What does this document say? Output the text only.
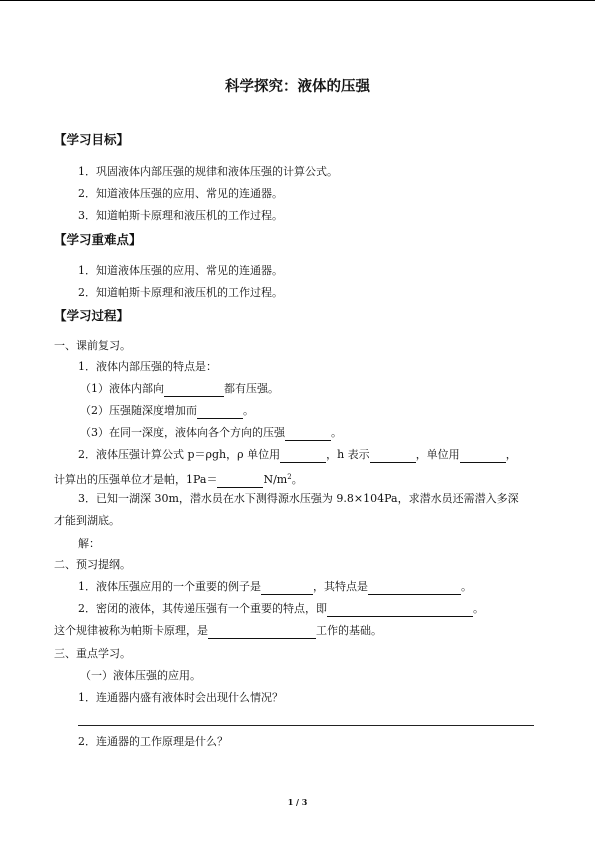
科学探究：液体的压强
【学习目标】
1．巩固液体内部压强的规律和液体压强的计算公式。
2．知道液体压强的应用、常见的连通器。
3．知道帕斯卡原理和液压机的工作过程。
【学习重难点】
1．知道液体压强的应用、常见的连通器。
2．知道帕斯卡原理和液压机的工作过程。
【学习过程】
一、课前复习。
1．液体内部压强的特点是：
（1）液体内部向	都有压强。
（2）压强随深度增加而	。
（3）在同一深度，液体向各个方向的压强	。
2．液体压强计算公式 p＝ρgh，ρ 单位用	，h 表示	，单位用	，
计算出的压强单位才是帕，1Pa＝	$N/m^2$。
3．已知一湖深 30m，潜水员在水下测得源水压强为 9.8×104Pa，求潜水员还需潜入多深
才能到湖底。
解：
二、预习提纲。
1．液体压强应用的一个重要的例子是	，其特点是	。
2．密闭的液体，其传递压强有一个重要的特点，即	。
这个规律被称为帕斯卡原理，是	工作的基础。
三、重点学习。
（一）液体压强的应用。
1．连通器内盛有液体时会出现什么情况？
2．连通器的工作原理是什么？
1 / 3
